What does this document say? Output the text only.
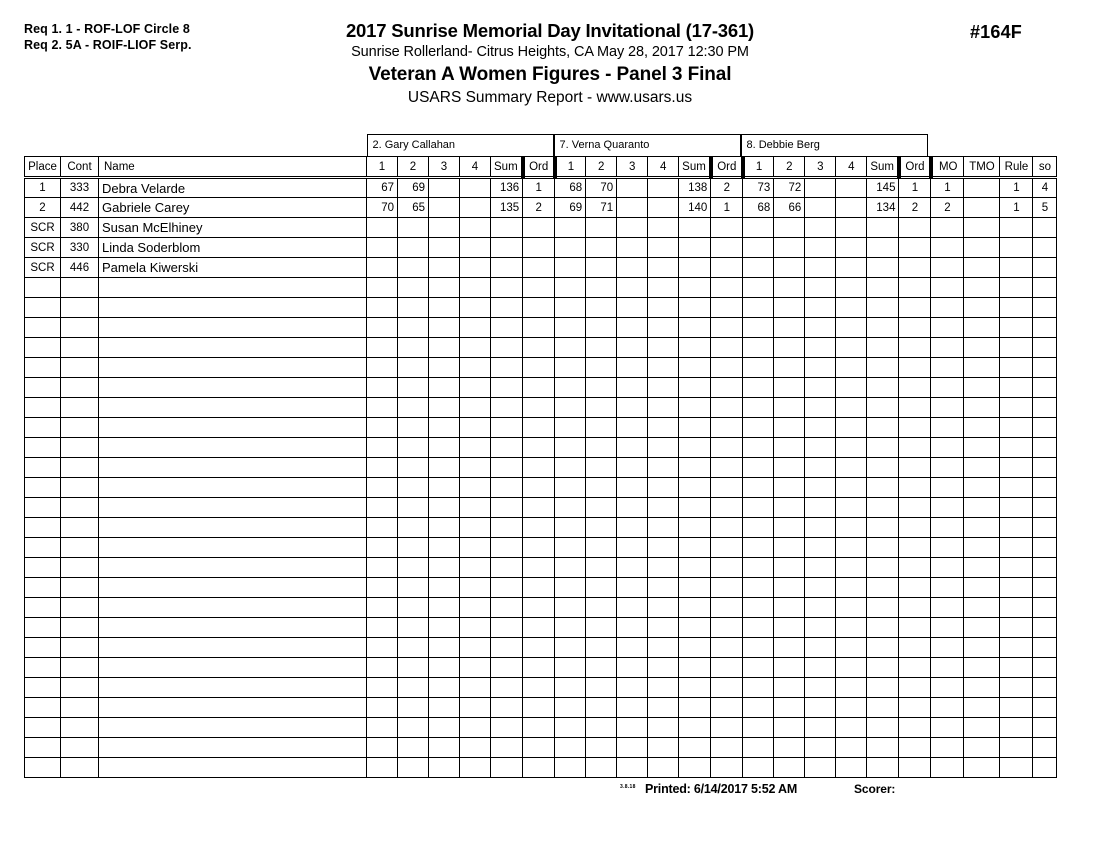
Req 1. 1 - ROF-LOF Circle 8
Req 2. 5A - ROIF-LIOF Serp.
2017 Sunrise Memorial Day Invitational (17-361)
Sunrise Rollerland- Citrus Heights, CA May 28, 2017 12:30 PM
Veteran A Women Figures - Panel 3 Final
USARS Summary Report - www.usars.us
#164F
2. Gary Callahan	7. Verna Quaranto	8. Debbie Berg
Place	Cont	Name	1	2	3	4	Sum	Ord	1	2	3	4	Sum	Ord	1	2	3	4	Sum	Ord	MO	TMO	Rule	so
1	333	Debra Velarde	67	69			136	1	68	70			138	2	73	72			145	1	1		1	4
2	442	Gabriele Carey	70	65			135	2	69	71			140	1	68	66			134	2	2		1	5
SCR	380	Susan McElhiney																						
SCR	330	Linda Soderblom																						
SCR	446	Pamela Kiwerski																						

3.8.18 Printed: 6/14/2017 5:52 AM	Scorer:
